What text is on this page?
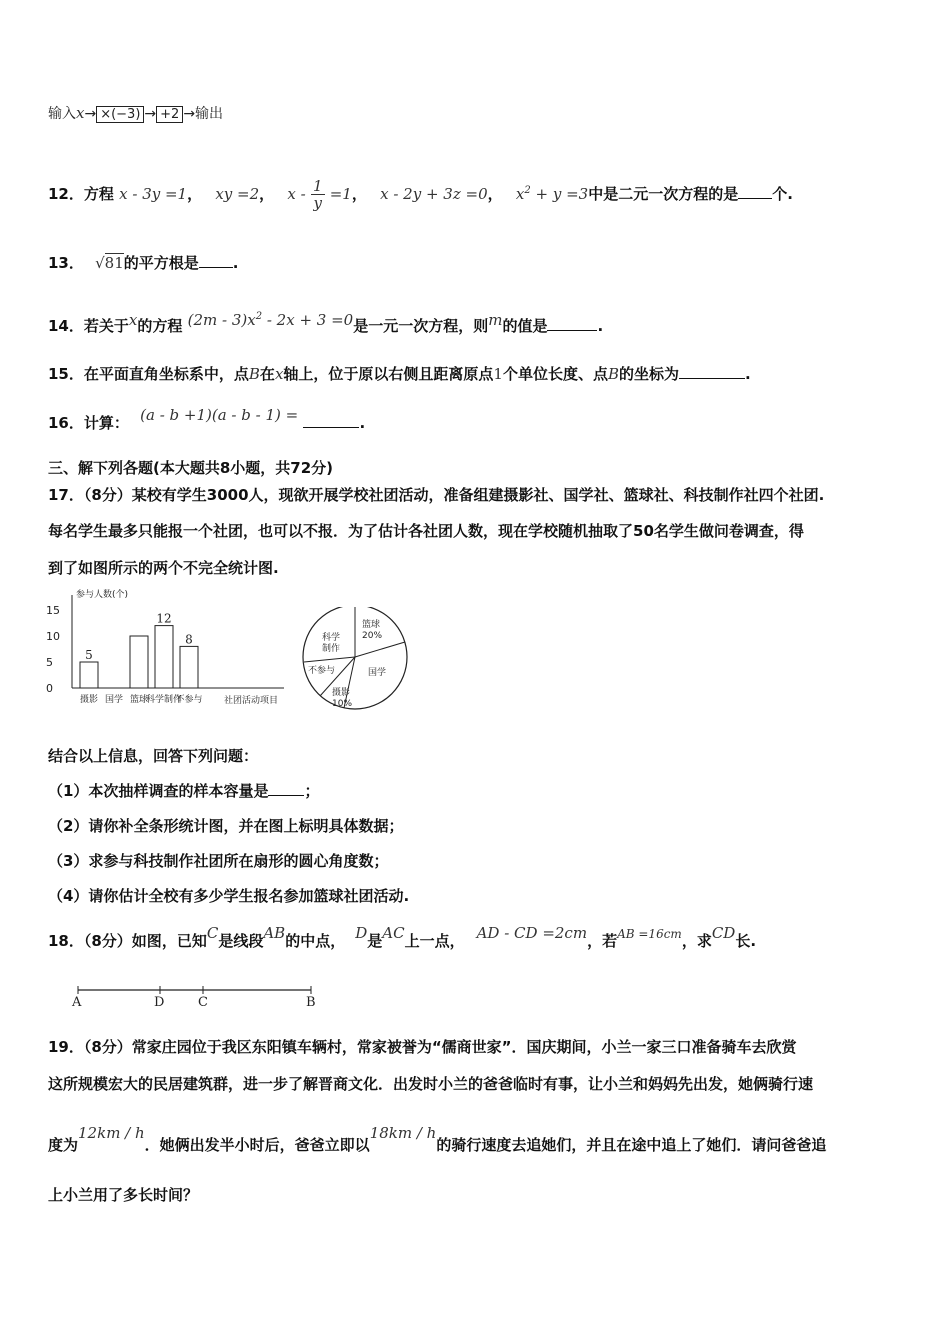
输入x→ ×(−3) → +2 →输出
12．方程 x - 3y =1， xy =2， $x - \frac{1}{y} =1$， x - 2y + 3z =0， $x^2 + y =3$中是二元一次方程的是 个.
13． √81的平方根是 .
14．若关于x的方程 $(2m - 3)x^2 - 2x + 3 =0$是一元一次方程，则m的值是	.
15．在平面直角坐标系中，点B在x轴上，位于原以右侧且距离原点1个单位长度、点B的坐标为	.
16．计算： (a - b +1)(a - b - 1) =	.
三、解下列各题(本大题共8小题，共72分)
17．（8分）某校有学生3000人，现欲开展学校社团活动，准备组建摄影社、国学社、篮球社、科技制作社四个社团.
每名学生最多只能报一个社团，也可以不报．为了估计各社团人数，现在学校随机抽取了50名学生做问卷调查，得
到了如图所示的两个不完全统计图.
参与人数(个)
0
5
10
15
5
12
8
摄影 国学 篮球
科学制作
不参与 社团活动项目
篮球
20%
国学
摄影
10%
不参与
科学
制作
结合以上信息，回答下列问题：
（1）本次抽样调查的样本容量是 ；
（2）请你补全条形统计图，并在图上标明具体数据；
（3）求参与科技制作社团所在扇形的圆心角度数；
（4）请你估计全校有多少学生报名参加篮球社团活动.
18．（8分）如图，已知C是线段AB的中点， D是AC上一点， AD - CD =2cm，若$^{AB =16cm}$，求CD长.
A	D	C	B
19．（8分）常家庄园位于我区东阳镇车辆村，常家被誉为“儒商世家”．国庆期间，小兰一家三口准备骑车去欣赏
这所规模宏大的民居建筑群，进一步了解晋商文化．出发时小兰的爸爸临时有事，让小兰和妈妈先出发，她俩骑行速
度为12km / h．她俩出发半小时后，爸爸立即以18km / h的骑行速度去追她们，并且在途中追上了她们．请问爸爸追
上小兰用了多长时间？
